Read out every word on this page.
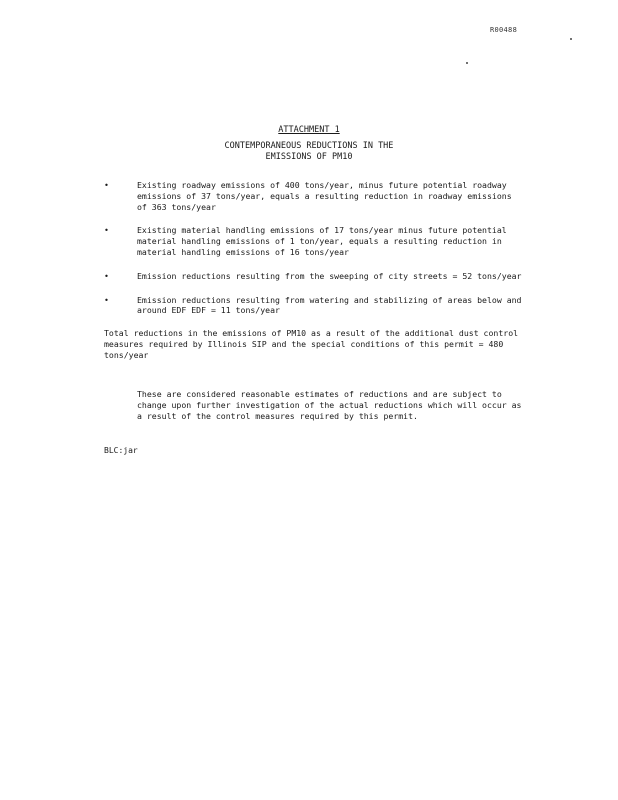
R00488
ATTACHMENT 1
CONTEMPORANEOUS REDUCTIONS IN THE
EMISSIONS OF PM10
•	Existing roadway emissions of 400 tons/year, minus future potential roadway emissions of 37 tons/year, equals a resulting reduction in roadway emissions of 363 tons/year
•	Existing material handling emissions of 17 tons/year minus future potential material handling emissions of 1 ton/year, equals a resulting reduction in material handling emissions of 16 tons/year
•	Emission reductions resulting from the sweeping of city streets = 52 tons/year
•	Emission reductions resulting from watering and stabilizing of areas below and around EDF EDF = 11 tons/year

Total reductions in the emissions of PM10 as a result of the additional dust control measures required by Illinois SIP and the special conditions of this permit = 480 tons/year

These are considered reasonable estimates of reductions and are subject to change upon further investigation of the actual reductions which will occur as a result of the control measures required by this permit.

BLC:jar
